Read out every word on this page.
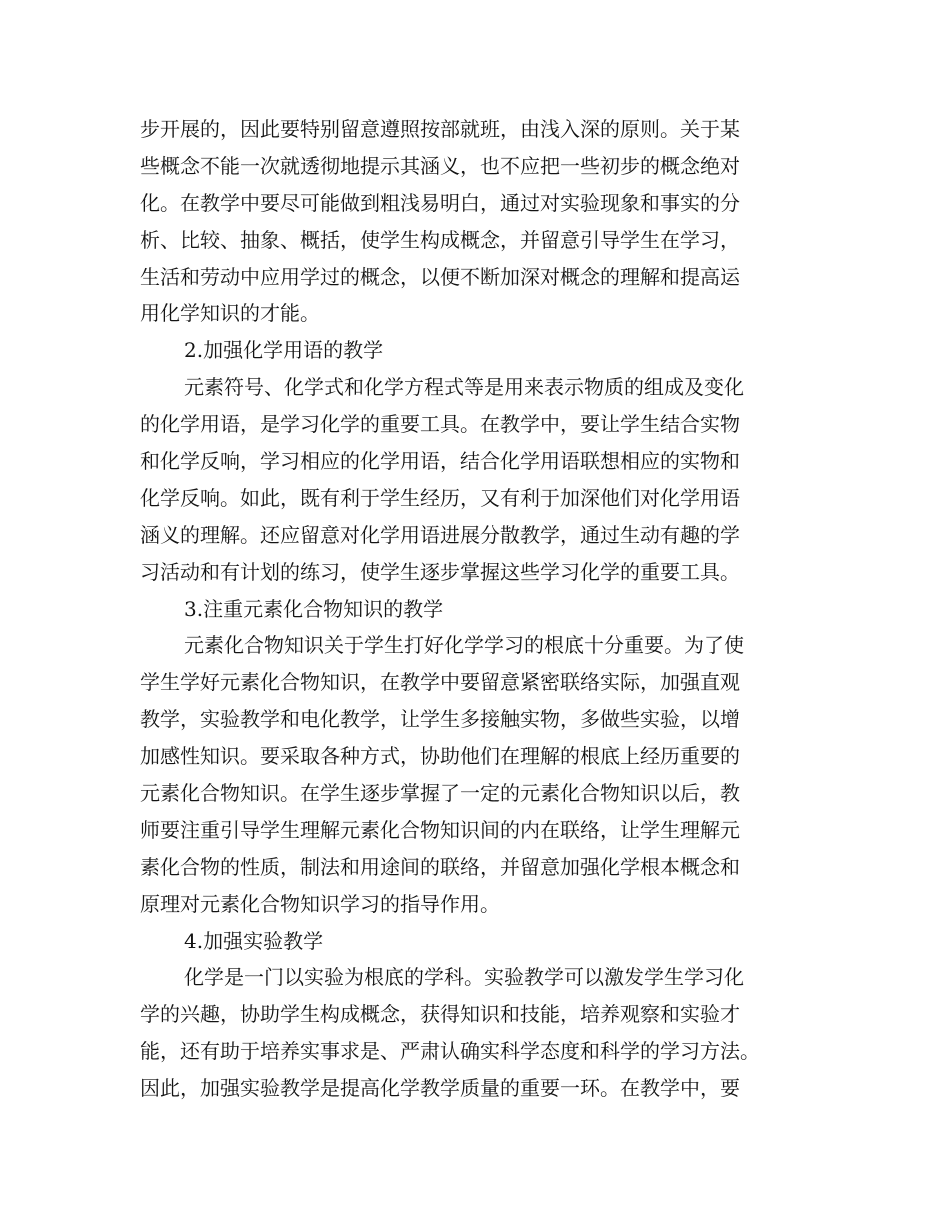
步开展的，因此要特别留意遵照按部就班，由浅入深的原则。关于某
些概念不能一次就透彻地提示其涵义，也不应把一些初步的概念绝对
化。在教学中要尽可能做到粗浅易明白，通过对实验现象和事实的分
析、比较、抽象、概括，使学生构成概念，并留意引导学生在学习，
生活和劳动中应用学过的概念，以便不断加深对概念的理解和提高运
用化学知识的才能。
2.加强化学用语的教学
元素符号、化学式和化学方程式等是用来表示物质的组成及变化
的化学用语，是学习化学的重要工具。在教学中，要让学生结合实物
和化学反响，学习相应的化学用语，结合化学用语联想相应的实物和
化学反响。如此，既有利于学生经历，又有利于加深他们对化学用语
涵义的理解。还应留意对化学用语进展分散教学，通过生动有趣的学
习活动和有计划的练习，使学生逐步掌握这些学习化学的重要工具。
3.注重元素化合物知识的教学
元素化合物知识关于学生打好化学学习的根底十分重要。为了使
学生学好元素化合物知识，在教学中要留意紧密联络实际，加强直观
教学，实验教学和电化教学，让学生多接触实物，多做些实验，以增
加感性知识。要采取各种方式，协助他们在理解的根底上经历重要的
元素化合物知识。在学生逐步掌握了一定的元素化合物知识以后，教
师要注重引导学生理解元素化合物知识间的内在联络，让学生理解元
素化合物的性质，制法和用途间的联络，并留意加强化学根本概念和
原理对元素化合物知识学习的指导作用。
4.加强实验教学
化学是一门以实验为根底的学科。实验教学可以激发学生学习化
学的兴趣，协助学生构成概念，获得知识和技能，培养观察和实验才
能，还有助于培养实事求是、严肃认确实科学态度和科学的学习方法。
因此，加强实验教学是提高化学教学质量的重要一环。在教学中，要
